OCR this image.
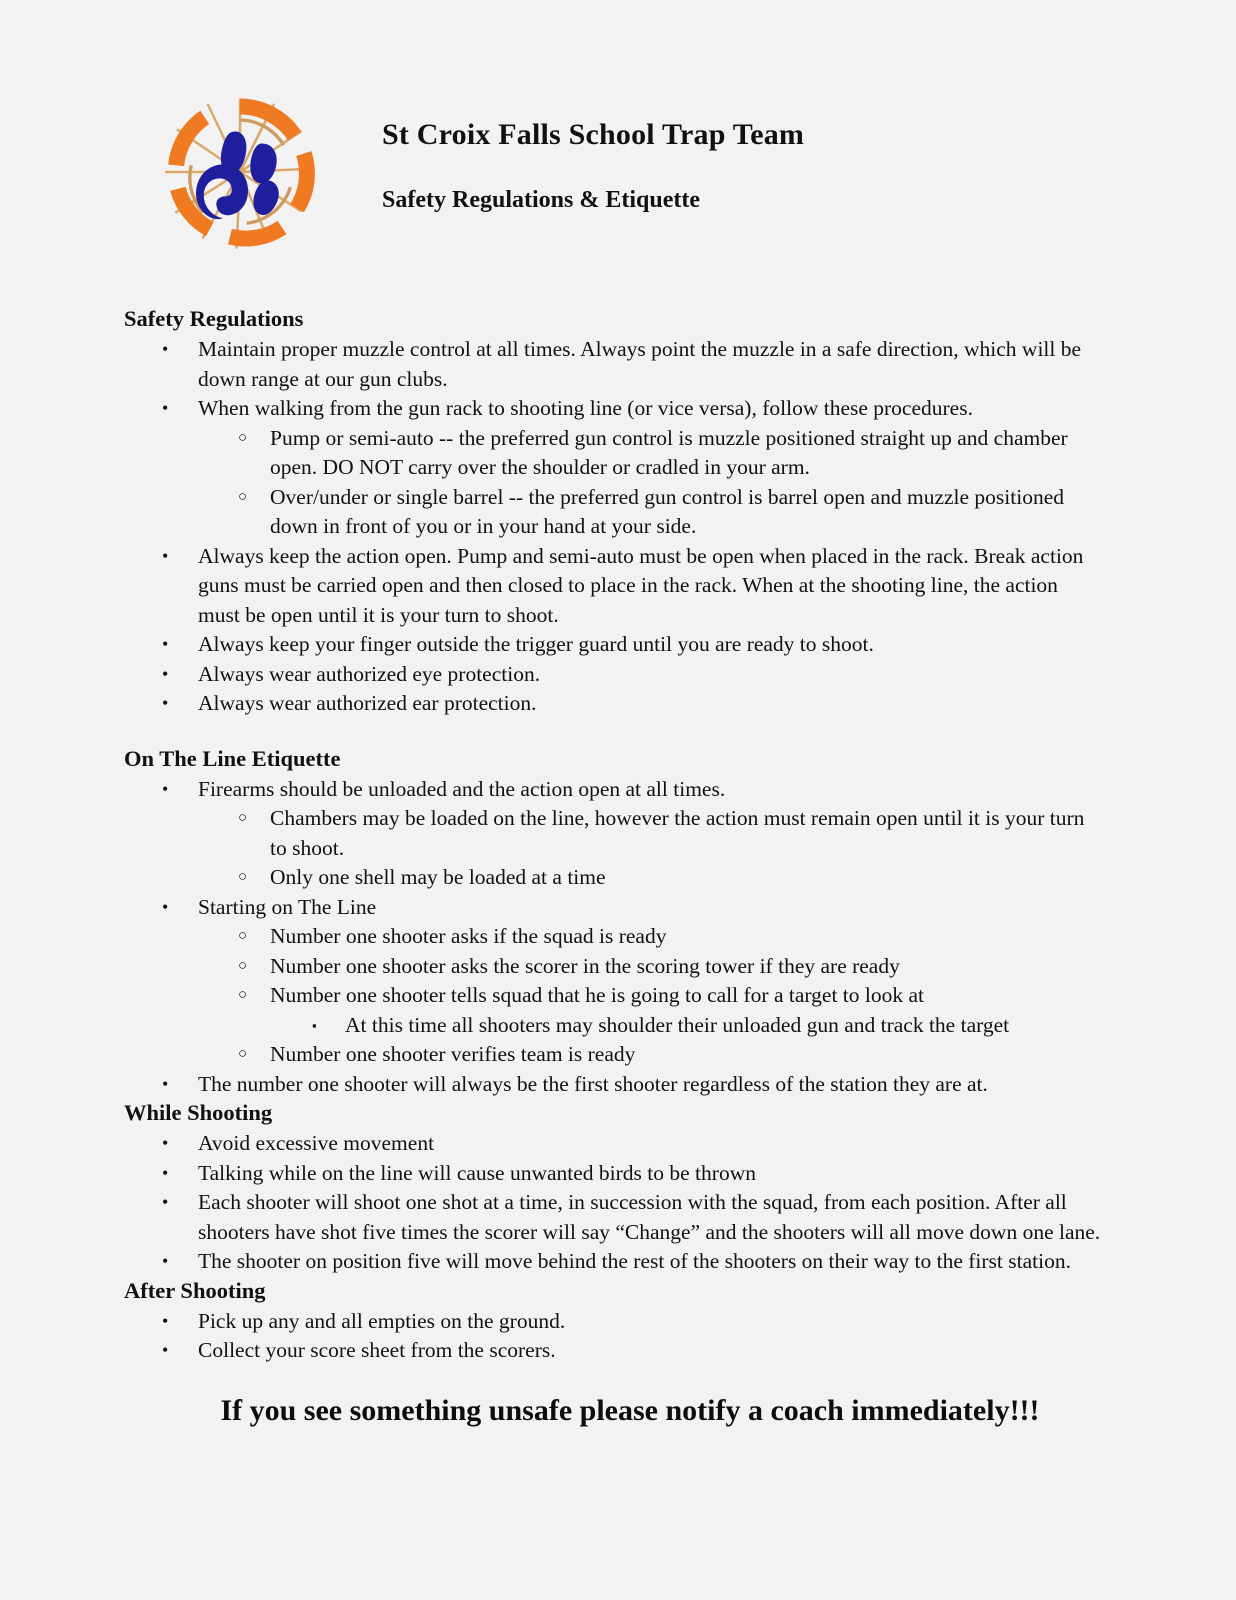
St Croix Falls School Trap Team
Safety Regulations & Etiquette
Safety Regulations
•	Maintain proper muzzle control at all times. Always point the muzzle in a safe direction, which will be down range at our gun clubs.
•	When walking from the gun rack to shooting line (or vice versa), follow these procedures.
○	Pump or semi-auto -- the preferred gun control is muzzle positioned straight up and chamber open. DO NOT carry over the shoulder or cradled in your arm.
○	Over/under or single barrel -- the preferred gun control is barrel open and muzzle positioned down in front of you or in your hand at your side.
•	Always keep the action open. Pump and semi-auto must be open when placed in the rack. Break action guns must be carried open and then closed to place in the rack. When at the shooting line, the action must be open until it is your turn to shoot.
•	Always keep your finger outside the trigger guard until you are ready to shoot.
•	Always wear authorized eye protection.
•	Always wear authorized ear protection.
On The Line Etiquette
•	Firearms should be unloaded and the action open at all times.
○	Chambers may be loaded on the line, however the action must remain open until it is your turn to shoot.
○	Only one shell may be loaded at a time
•	Starting on The Line
○	Number one shooter asks if the squad is ready
○	Number one shooter asks the scorer in the scoring tower if they are ready
○	Number one shooter tells squad that he is going to call for a target to look at
▪	At this time all shooters may shoulder their unloaded gun and track the target
○	Number one shooter verifies team is ready
•	The number one shooter will always be the first shooter regardless of the station they are at.
While Shooting
•	Avoid excessive movement
•	Talking while on the line will cause unwanted birds to be thrown
•	Each shooter will shoot one shot at a time, in succession with the squad, from each position. After all shooters have shot five times the scorer will say “Change” and the shooters will all move down one lane.
•	The shooter on position five will move behind the rest of the shooters on their way to the first station.
After Shooting
•	Pick up any and all empties on the ground.
•	Collect your score sheet from the scorers.
If you see something unsafe please notify a coach immediately!!!
